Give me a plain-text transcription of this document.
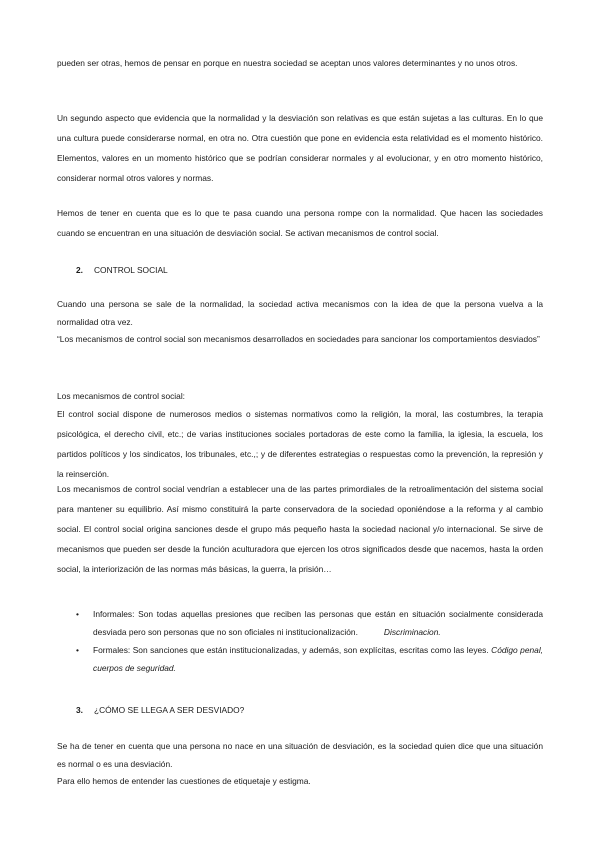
pueden ser otras, hemos de pensar en porque en nuestra sociedad se aceptan unos valores determinantes y no unos otros.

Un segundo aspecto que evidencia que la normalidad y la desviación son relativas es que están sujetas a las culturas. En lo que una cultura puede considerarse normal, en otra no. Otra cuestión que pone en evidencia esta relatividad es el momento histórico. Elementos, valores en un momento histórico que se podrían considerar normales y al evolucionar, y en otro momento histórico, considerar normal otros valores y normas.

Hemos de tener en cuenta que es lo que te pasa cuando una persona rompe con la normalidad. Que hacen las sociedades cuando se encuentran en una situación de desviación social. Se activan mecanismos de control social.

2. CONTROL SOCIAL

Cuando una persona se sale de la normalidad, la sociedad activa mecanismos con la idea de que la persona vuelva a la normalidad otra vez.

“Los mecanismos de control social son mecanismos desarrollados en sociedades para sancionar los comportamientos desviados”

Los mecanismos de control social:

El control social dispone de numerosos medios o sistemas normativos como la religión, la moral, las costumbres, la terapia psicológica, el derecho civil, etc.; de varias instituciones sociales portadoras de este como la familia, la iglesia, la escuela, los partidos políticos y los sindicatos, los tribunales, etc.,; y de diferentes estrategias o respuestas como la prevención, la represión y la reinserción.

Los mecanismos de control social vendrían a establecer una de las partes primordiales de la retroalimentación del sistema social para mantener su equilibrio. Así mismo constituirá la parte conservadora de la sociedad oponiéndose a la reforma y al cambio social. El control social origina sanciones desde el grupo más pequeño hasta la sociedad nacional y/o internacional. Se sirve de mecanismos que pueden ser desde la función aculturadora que ejercen los otros significados desde que nacemos, hasta la orden social, la interiorización de las normas más básicas, la guerra, la prisión…

•	Informales: Son todas aquellas presiones que reciben las personas que están en situación socialmente considerada desviada pero son personas que no son oficiales ni institucionalización.	Discriminacion.
•	Formales: Son sanciones que están institucionalizadas, y además, son explícitas, escritas como las leyes. Código penal, cuerpos de seguridad.

3. ¿CÓMO SE LLEGA A SER DESVIADO?

Se ha de tener en cuenta que una persona no nace en una situación de desviación, es la sociedad quien dice que una situación es normal o es una desviación.

Para ello hemos de entender las cuestiones de etiquetaje y estigma.
